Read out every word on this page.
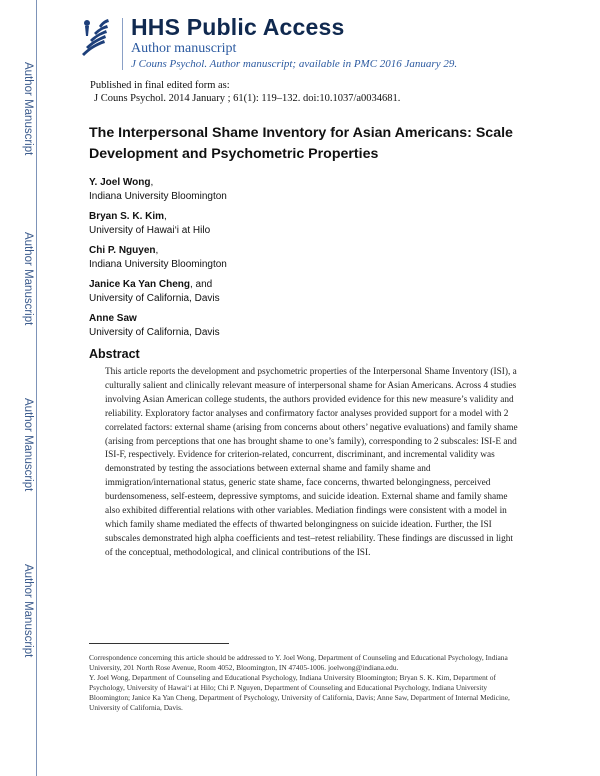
Author Manuscript
Author Manuscript
Author Manuscript
Author Manuscript
HHS Public Access
Author manuscript
J Couns Psychol. Author manuscript; available in PMC 2016 January 29.
Published in final edited form as:
J Couns Psychol. 2014 January ; 61(1): 119–132. doi:10.1037/a0034681.
The Interpersonal Shame Inventory for Asian Americans: Scale Development and Psychometric Properties
Y. Joel Wong,
Indiana University Bloomington
Bryan S. K. Kim,
University of Hawai‘i at Hilo
Chi P. Nguyen,
Indiana University Bloomington
Janice Ka Yan Cheng, and
University of California, Davis
Anne Saw
University of California, Davis
Abstract
This article reports the development and psychometric properties of the Interpersonal Shame Inventory (ISI), a culturally salient and clinically relevant measure of interpersonal shame for Asian Americans. Across 4 studies involving Asian American college students, the authors provided evidence for this new measure’s validity and reliability. Exploratory factor analyses and confirmatory factor analyses provided support for a model with 2 correlated factors: external shame (arising from concerns about others’ negative evaluations) and family shame (arising from perceptions that one has brought shame to one’s family), corresponding to 2 subscales: ISI-E and ISI-F, respectively. Evidence for criterion-related, concurrent, discriminant, and incremental validity was demonstrated by testing the associations between external shame and family shame and immigration/international status, generic state shame, face concerns, thwarted belongingness, perceived burdensomeness, self-esteem, depressive symptoms, and suicide ideation. External shame and family shame also exhibited differential relations with other variables. Mediation findings were consistent with a model in which family shame mediated the effects of thwarted belongingness on suicide ideation. Further, the ISI subscales demonstrated high alpha coefficients and test–retest reliability. These findings are discussed in light of the conceptual, methodological, and clinical contributions of the ISI.
Correspondence concerning this article should be addressed to Y. Joel Wong, Department of Counseling and Educational Psychology, Indiana University, 201 North Rose Avenue, Room 4052, Bloomington, IN 47405-1006. joelwong@indiana.edu.
Y. Joel Wong, Department of Counseling and Educational Psychology, Indiana University Bloomington; Bryan S. K. Kim, Department of Psychology, University of Hawai‘i at Hilo; Chi P. Nguyen, Department of Counseling and Educational Psychology, Indiana University Bloomington; Janice Ka Yan Cheng, Department of Psychology, University of California, Davis; Anne Saw, Department of Internal Medicine, University of California, Davis.
